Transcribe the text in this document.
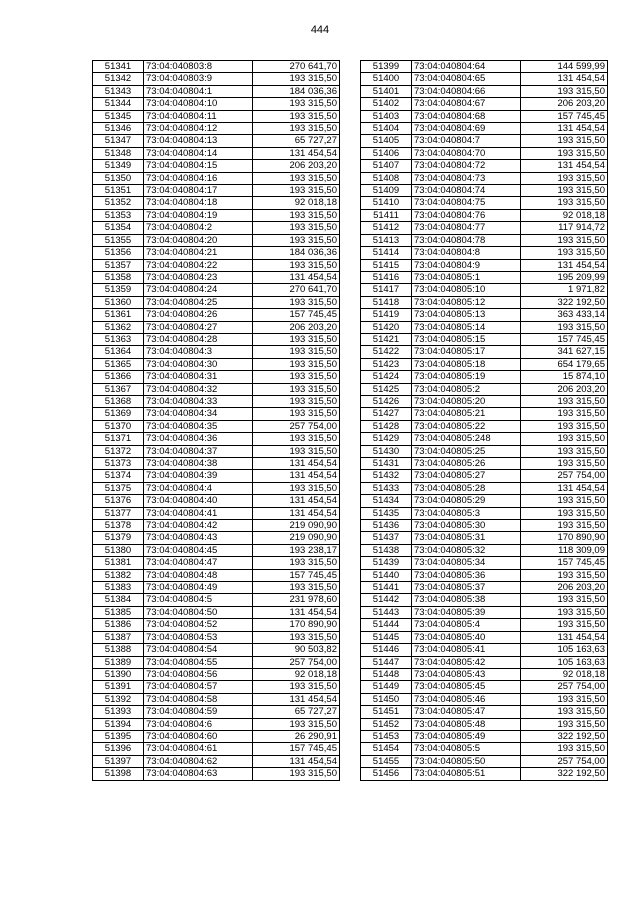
444
51341	73:04:040803:8	270 641,70
51342	73:04:040803:9	193 315,50
51343	73:04:040804:1	184 036,36
51344	73:04:040804:10	193 315,50
51345	73:04:040804:11	193 315,50
51346	73:04:040804:12	193 315,50
51347	73:04:040804:13	65 727,27
51348	73:04:040804:14	131 454,54
51349	73:04:040804:15	206 203,20
51350	73:04:040804:16	193 315,50
51351	73:04:040804:17	193 315,50
51352	73:04:040804:18	92 018,18
51353	73:04:040804:19	193 315,50
51354	73:04:040804:2	193 315,50
51355	73:04:040804:20	193 315,50
51356	73:04:040804:21	184 036,36
51357	73:04:040804:22	193 315,50
51358	73:04:040804:23	131 454,54
51359	73:04:040804:24	270 641,70
51360	73:04:040804:25	193 315,50
51361	73:04:040804:26	157 745,45
51362	73:04:040804:27	206 203,20
51363	73:04:040804:28	193 315,50
51364	73:04:040804:3	193 315,50
51365	73:04:040804:30	193 315,50
51366	73:04:040804:31	193 315,50
51367	73:04:040804:32	193 315,50
51368	73:04:040804:33	193 315,50
51369	73:04:040804:34	193 315,50
51370	73:04:040804:35	257 754,00
51371	73:04:040804:36	193 315,50
51372	73:04:040804:37	193 315,50
51373	73:04:040804:38	131 454,54
51374	73:04:040804:39	131 454,54
51375	73:04:040804:4	193 315,50
51376	73:04:040804:40	131 454,54
51377	73:04:040804:41	131 454,54
51378	73:04:040804:42	219 090,90
51379	73:04:040804:43	219 090,90
51380	73:04:040804:45	193 238,17
51381	73:04:040804:47	193 315,50
51382	73:04:040804:48	157 745,45
51383	73:04:040804:49	193 315,50
51384	73:04:040804:5	231 978,60
51385	73:04:040804:50	131 454,54
51386	73:04:040804:52	170 890,90
51387	73:04:040804:53	193 315,50
51388	73:04:040804:54	90 503,82
51389	73:04:040804:55	257 754,00
51390	73:04:040804:56	92 018,18
51391	73:04:040804:57	193 315,50
51392	73:04:040804:58	131 454,54
51393	73:04:040804:59	65 727,27
51394	73:04:040804:6	193 315,50
51395	73:04:040804:60	26 290,91
51396	73:04:040804:61	157 745,45
51397	73:04:040804:62	131 454,54
51398	73:04:040804:63	193 315,50
51399	73:04:040804:64	144 599,99
51400	73:04:040804:65	131 454,54
51401	73:04:040804:66	193 315,50
51402	73:04:040804:67	206 203,20
51403	73:04:040804:68	157 745,45
51404	73:04:040804:69	131 454,54
51405	73:04:040804:7	193 315,50
51406	73:04:040804:70	193 315,50
51407	73:04:040804:72	131 454,54
51408	73:04:040804:73	193 315,50
51409	73:04:040804:74	193 315,50
51410	73:04:040804:75	193 315,50
51411	73:04:040804:76	92 018,18
51412	73:04:040804:77	117 914,72
51413	73:04:040804:78	193 315,50
51414	73:04:040804:8	193 315,50
51415	73:04:040804:9	131 454,54
51416	73:04:040805:1	195 209,99
51417	73:04:040805:10	1 971,82
51418	73:04:040805:12	322 192,50
51419	73:04:040805:13	363 433,14
51420	73:04:040805:14	193 315,50
51421	73:04:040805:15	157 745,45
51422	73:04:040805:17	341 627,15
51423	73:04:040805:18	654 179,65
51424	73:04:040805:19	15 874,10
51425	73:04:040805:2	206 203,20
51426	73:04:040805:20	193 315,50
51427	73:04:040805:21	193 315,50
51428	73:04:040805:22	193 315,50
51429	73:04:040805:248	193 315,50
51430	73:04:040805:25	193 315,50
51431	73:04:040805:26	193 315,50
51432	73:04:040805:27	257 754,00
51433	73:04:040805:28	131 454,54
51434	73:04:040805:29	193 315,50
51435	73:04:040805:3	193 315,50
51436	73:04:040805:30	193 315,50
51437	73:04:040805:31	170 890,90
51438	73:04:040805:32	118 309,09
51439	73:04:040805:34	157 745,45
51440	73:04:040805:36	193 315,50
51441	73:04:040805:37	206 203,20
51442	73:04:040805:38	193 315,50
51443	73:04:040805:39	193 315,50
51444	73:04:040805:4	193 315,50
51445	73:04:040805:40	131 454,54
51446	73:04:040805:41	105 163,63
51447	73:04:040805:42	105 163,63
51448	73:04:040805:43	92 018,18
51449	73:04:040805:45	257 754,00
51450	73:04:040805:46	193 315,50
51451	73:04:040805:47	193 315,50
51452	73:04:040805:48	193 315,50
51453	73:04:040805:49	322 192,50
51454	73:04:040805:5	193 315,50
51455	73:04:040805:50	257 754,00
51456	73:04:040805:51	322 192,50
